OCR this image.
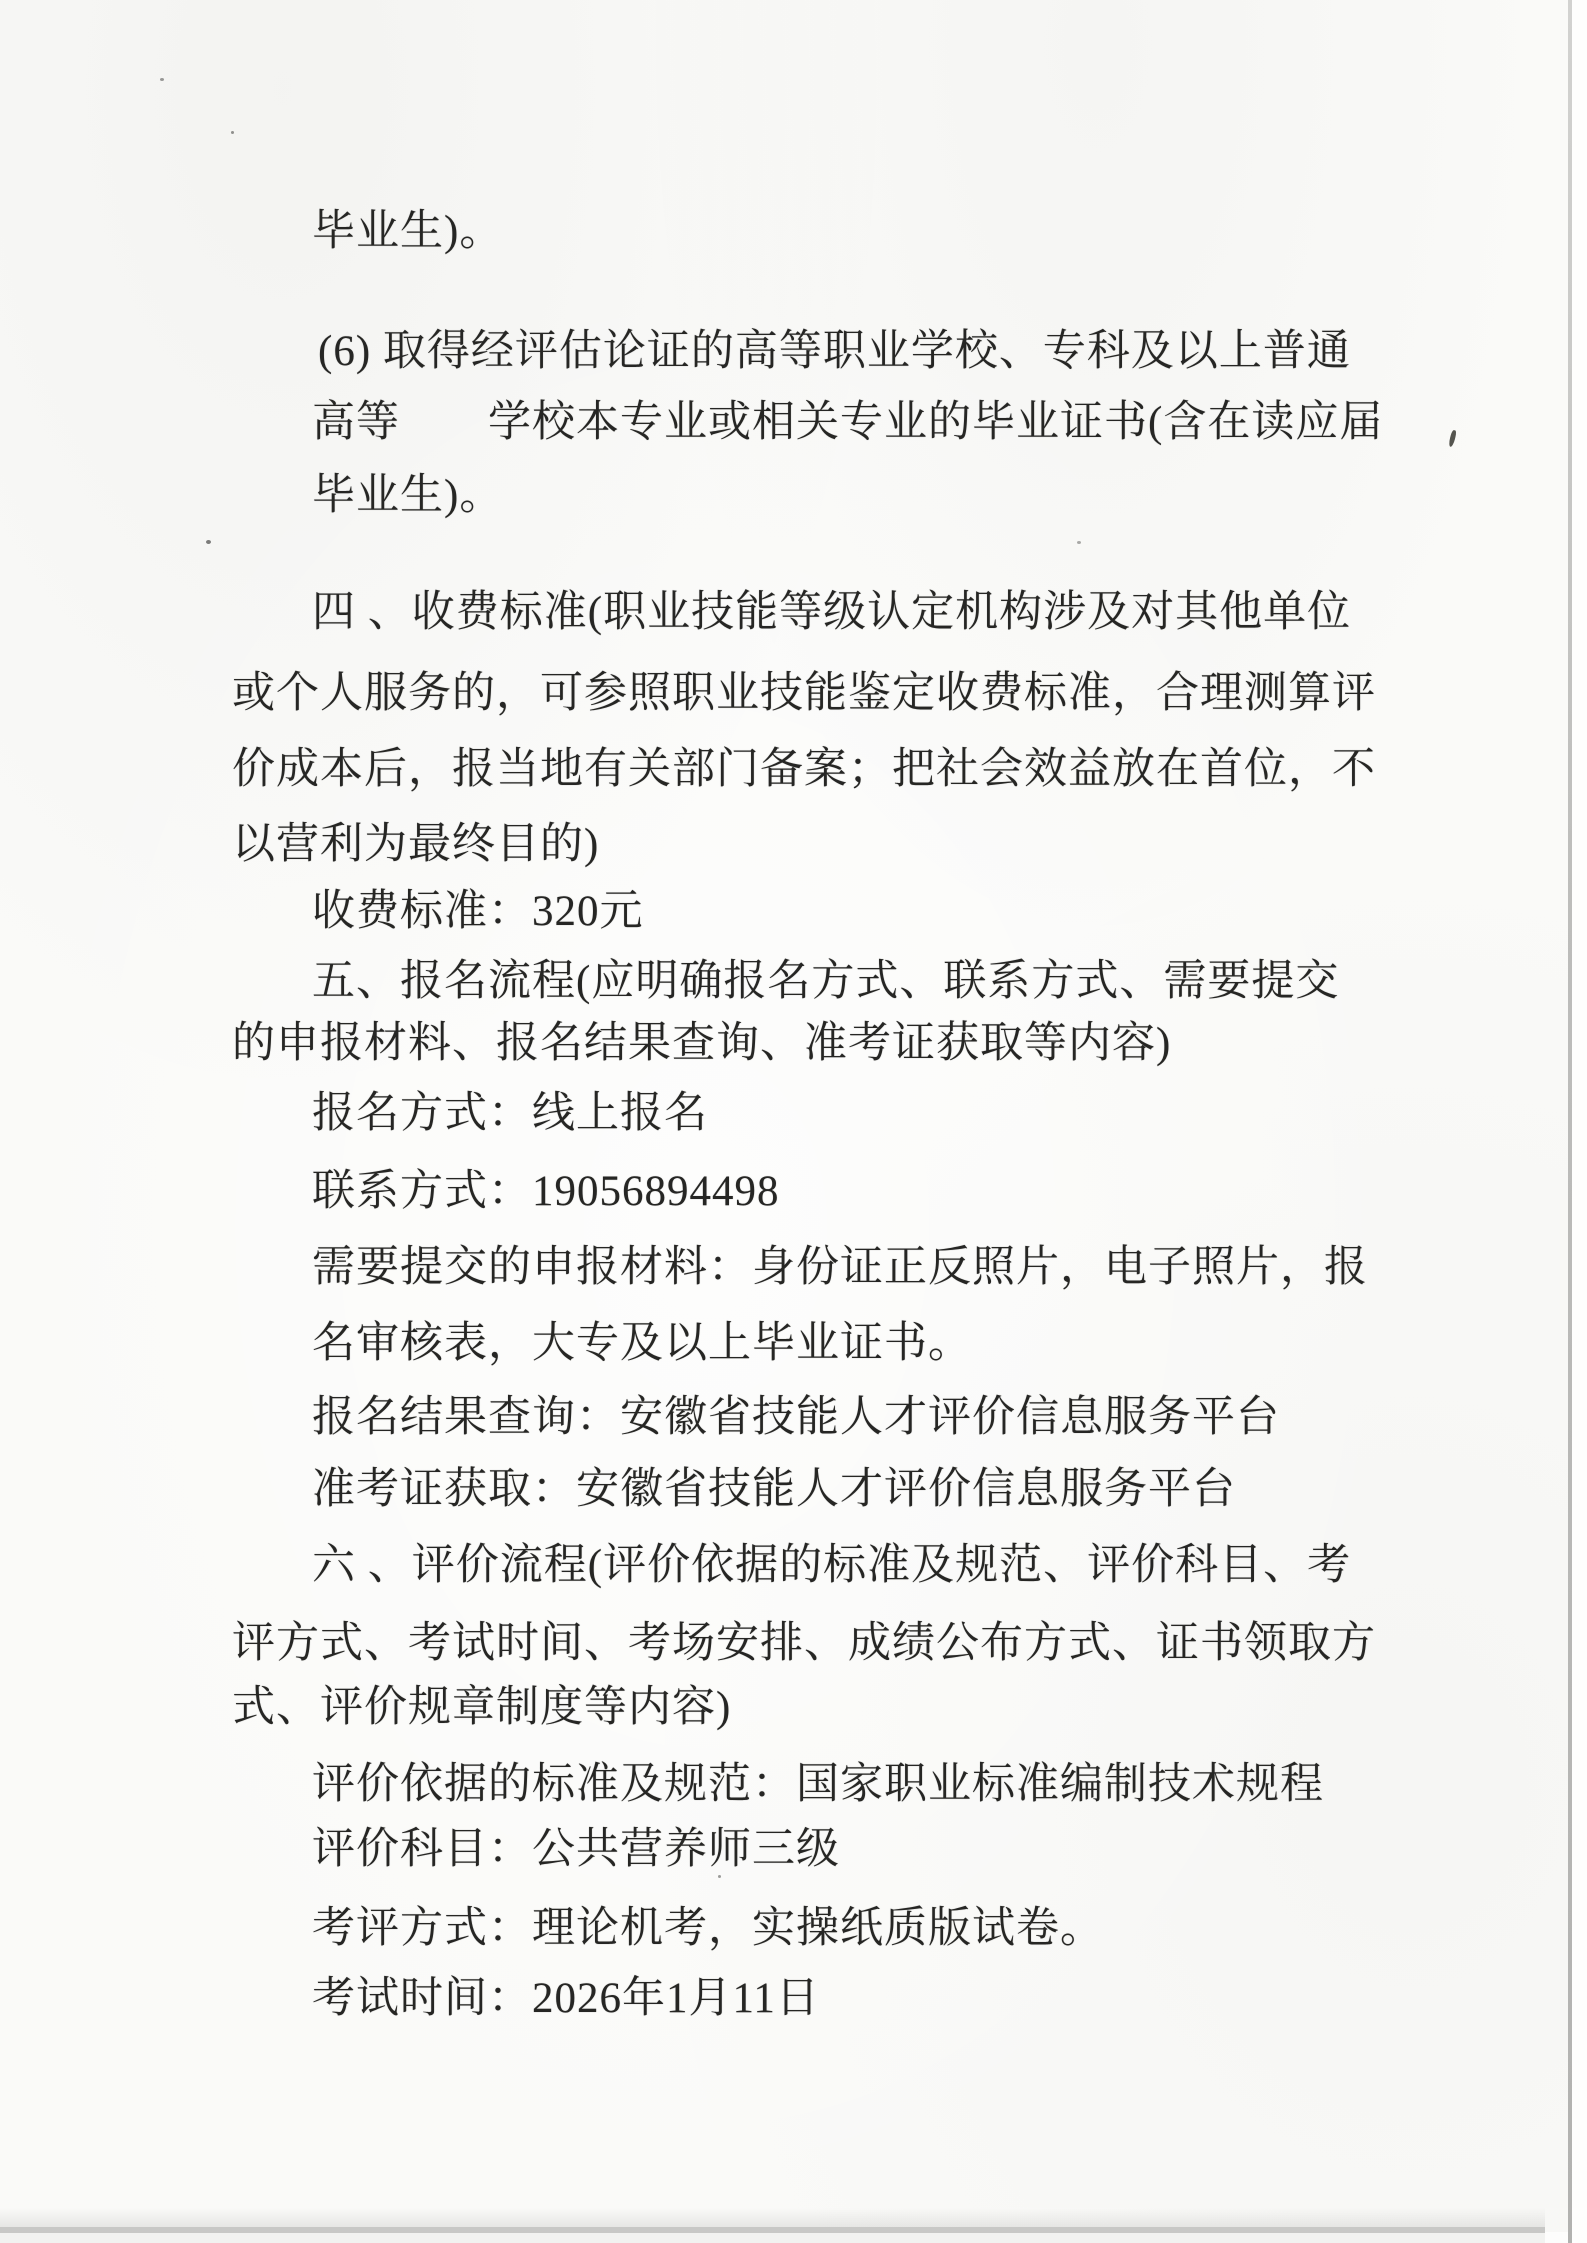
毕业生)。
(6) 取得经评估论证的高等职业学校、专科及以上普通
高等　　学校本专业或相关专业的毕业证书(含在读应届
毕业生)。
四 、收费标准(职业技能等级认定机构涉及对其他单位
或个人服务的，可参照职业技能鉴定收费标准，合理测算评
价成本后，报当地有关部门备案；把社会效益放在首位，不
以营利为最终目的)
收费标准：320元
五、报名流程(应明确报名方式、联系方式、需要提交
的申报材料、报名结果查询、准考证获取等内容)
报名方式：线上报名
联系方式：19056894498
需要提交的申报材料：身份证正反照片，电子照片，报
名审核表，大专及以上毕业证书。
报名结果查询：安徽省技能人才评价信息服务平台
准考证获取：安徽省技能人才评价信息服务平台
六 、评价流程(评价依据的标准及规范、评价科目、考
评方式、考试时间、考场安排、成绩公布方式、证书领取方
式、评价规章制度等内容)
评价依据的标准及规范：国家职业标准编制技术规程
评价科目：公共营养师三级
考评方式：理论机考，实操纸质版试卷。
考试时间：2026年1月11日
